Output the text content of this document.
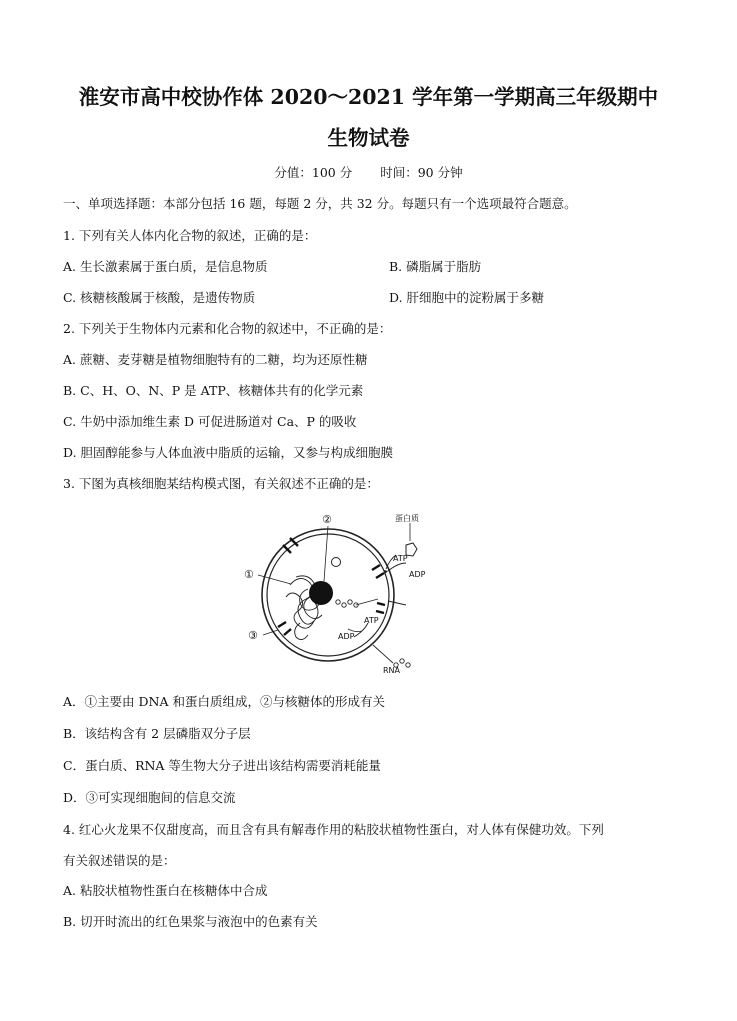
淮安市高中校协作体 2020～2021 学年第一学期高三年级期中
生物试卷
分值：100 分 时间：90 分钟
一、单项选择题：本部分包括 16 题，每题 2 分，共 32 分。每题只有一个选项最符合题意。
1. 下列有关人体内化合物的叙述，正确的是：
A. 生长激素属于蛋白质，是信息物质	B. 磷脂属于脂肪
C. 核糖核酸属于核酸，是遗传物质	D. 肝细胞中的淀粉属于多糖
2. 下列关于生物体内元素和化合物的叙述中，不正确的是：
A. 蔗糖、麦芽糖是植物细胞特有的二糖，均为还原性糖
B. C、H、O、N、P 是 ATP、核糖体共有的化学元素
C. 牛奶中添加维生素 D 可促进肠道对 Ca、P 的吸收
D. 胆固醇能参与人体血液中脂质的运输，又参与构成细胞膜
3. 下图为真核细胞某结构模式图，有关叙述不正确的是：
蛋白质
ATP
ADP
ATP
ADP
RNA
①
②
③
A．①主要由 DNA 和蛋白质组成，②与核糖体的形成有关
B．该结构含有 2 层磷脂双分子层
C．蛋白质、RNA 等生物大分子进出该结构需要消耗能量
D．③可实现细胞间的信息交流
4. 红心火龙果不仅甜度高，而且含有具有解毒作用的粘胶状植物性蛋白，对人体有保健功效。下列
有关叙述错误的是：
A. 粘胶状植物性蛋白在核糖体中合成
B. 切开时流出的红色果浆与液泡中的色素有关
